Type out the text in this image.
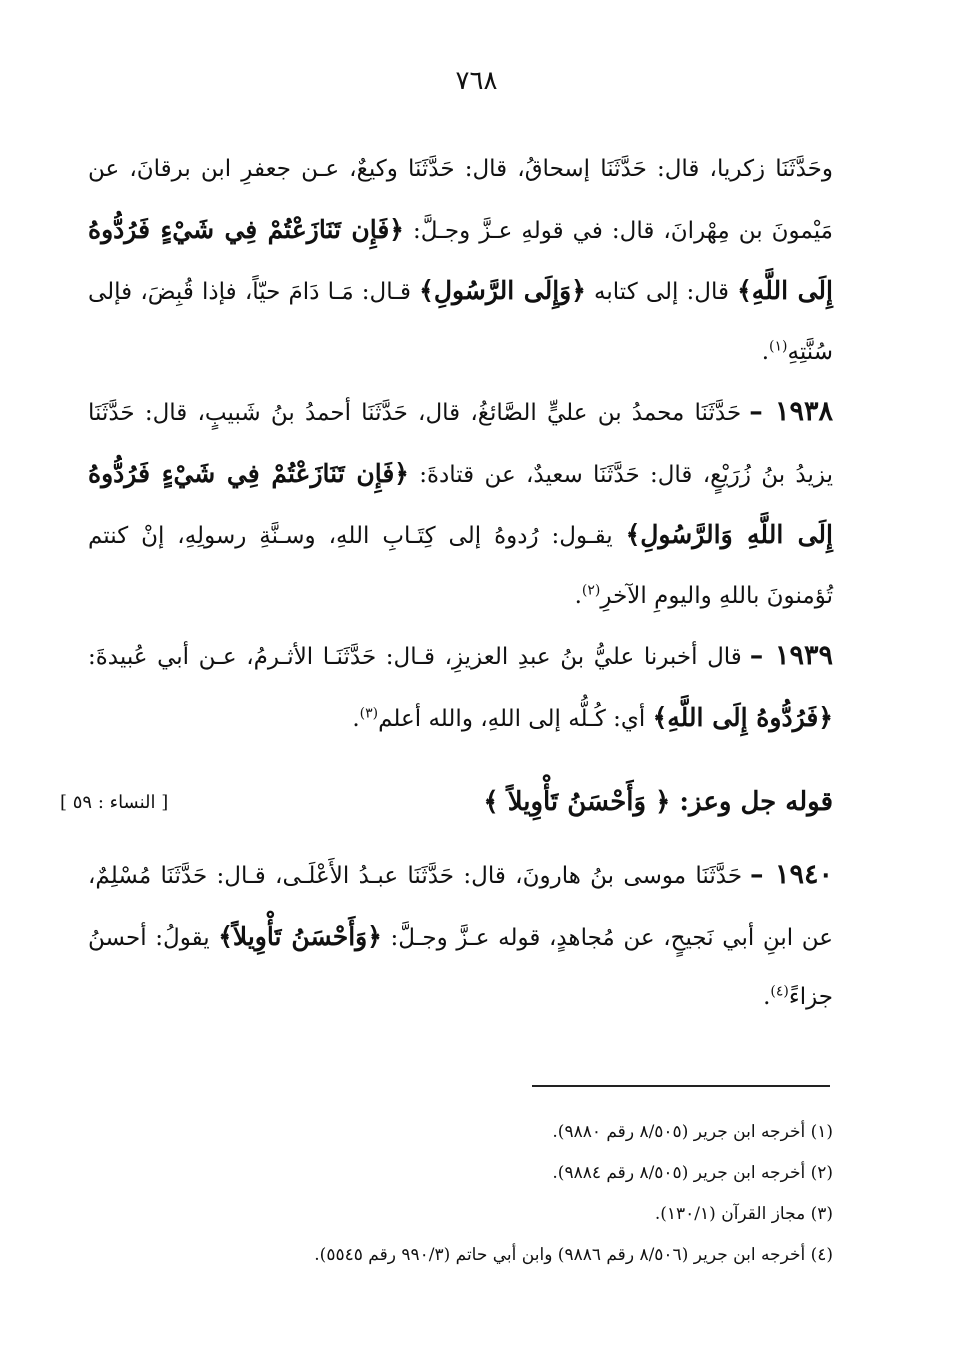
٧٦٨

وحَدَّثَنَا زكريا، قال: حَدَّثَنَا إسحاقُ، قال: حَدَّثَنَا وكيعٌ، عـن جعفرِ ابن برقانَ، عن مَيْمونَ بن مِهْرانَ، قال: في قولهِ عـزَّ وجـلَّ: ﴿فَإِن تَنَازَعْتُمْ فِي شَيْءٍ فَرُدُّوهُ إِلَى اللَّهِ﴾ قال: إلى كتابه ﴿وَإِلَى الرَّسُولِ﴾ قـال: مَـا دَامَ حيّاً، فإذا قُبِضَ، فإلى سُنَّتِهِ$^{(١)}$.

١٩٣٨ –حَدَّثَنَا محمدُ بن عليٍّ الصَّائغُ، قال، حَدَّثَنَا أحمدُ بنُ شَبيبٍ، قال: حَدَّثَنَا يزيدُ بنُ زُرَيْعٍ، قال: حَدَّثَنَا سعيدٌ، عن قتادةَ: ﴿فَإِن تَنَازَعْتُمْ فِي شَيْءٍ فَرُدُّوهُ إِلَى اللَّهِ وَالرَّسُولِ﴾ يقـول: رُدوهُ إلى كِتَـابِ اللهِ، وسـنَّةِ رسولِهِ، إنْ كنتم تُؤمنونَ باللهِ واليومِ الآخرِ$^{(٢)}$.

١٩٣٩ –قال أخبرنا عليُّ بنُ عبدِ العزيزِ، قـال: حَدَّثَنَـا الأثـرمُ، عـن أبي عُبيدةَ: ﴿فَرُدُّوهُ إِلَى اللَّهِ﴾ أي: كُـلُّه إلى اللهِ، والله أعلم$^{(٣)}$.

قوله جل وعز: ﴿ وَأَحْسَنُ تَأْوِيلاً ﴾
[ النساء : ٥٩ ]

١٩٤٠ –حَدَّثَنَا موسى بنُ هارونَ، قال: حَدَّثَنَا عبـدُ الأَعْلَـى، قـال: حَدَّثَنَا مُسْلِمٌ، عن ابنِ أبي نَجيحٍ، عن مُجاهدٍ، قوله عـزَّ وجـلَّ: ﴿وَأَحْسَنُ تَأْوِيلاً﴾ يقولُ: أحسنُ جزاءً$^{(٤)}$.

(١) أخرجه ابن جرير (٨/٥٠٥ رقم ٩٨٨٠).

(٢) أخرجه ابن جرير (٨/٥٠٥ رقم ٩٨٨٤).

(٣) مجاز القرآن (١٣٠/١).

(٤) أخرجه ابن جرير (٨/٥٠٦ رقم ٩٨٨٦) وابن أبي حاتم (٩٩٠/٣ رقم ٥٥٤٥).
